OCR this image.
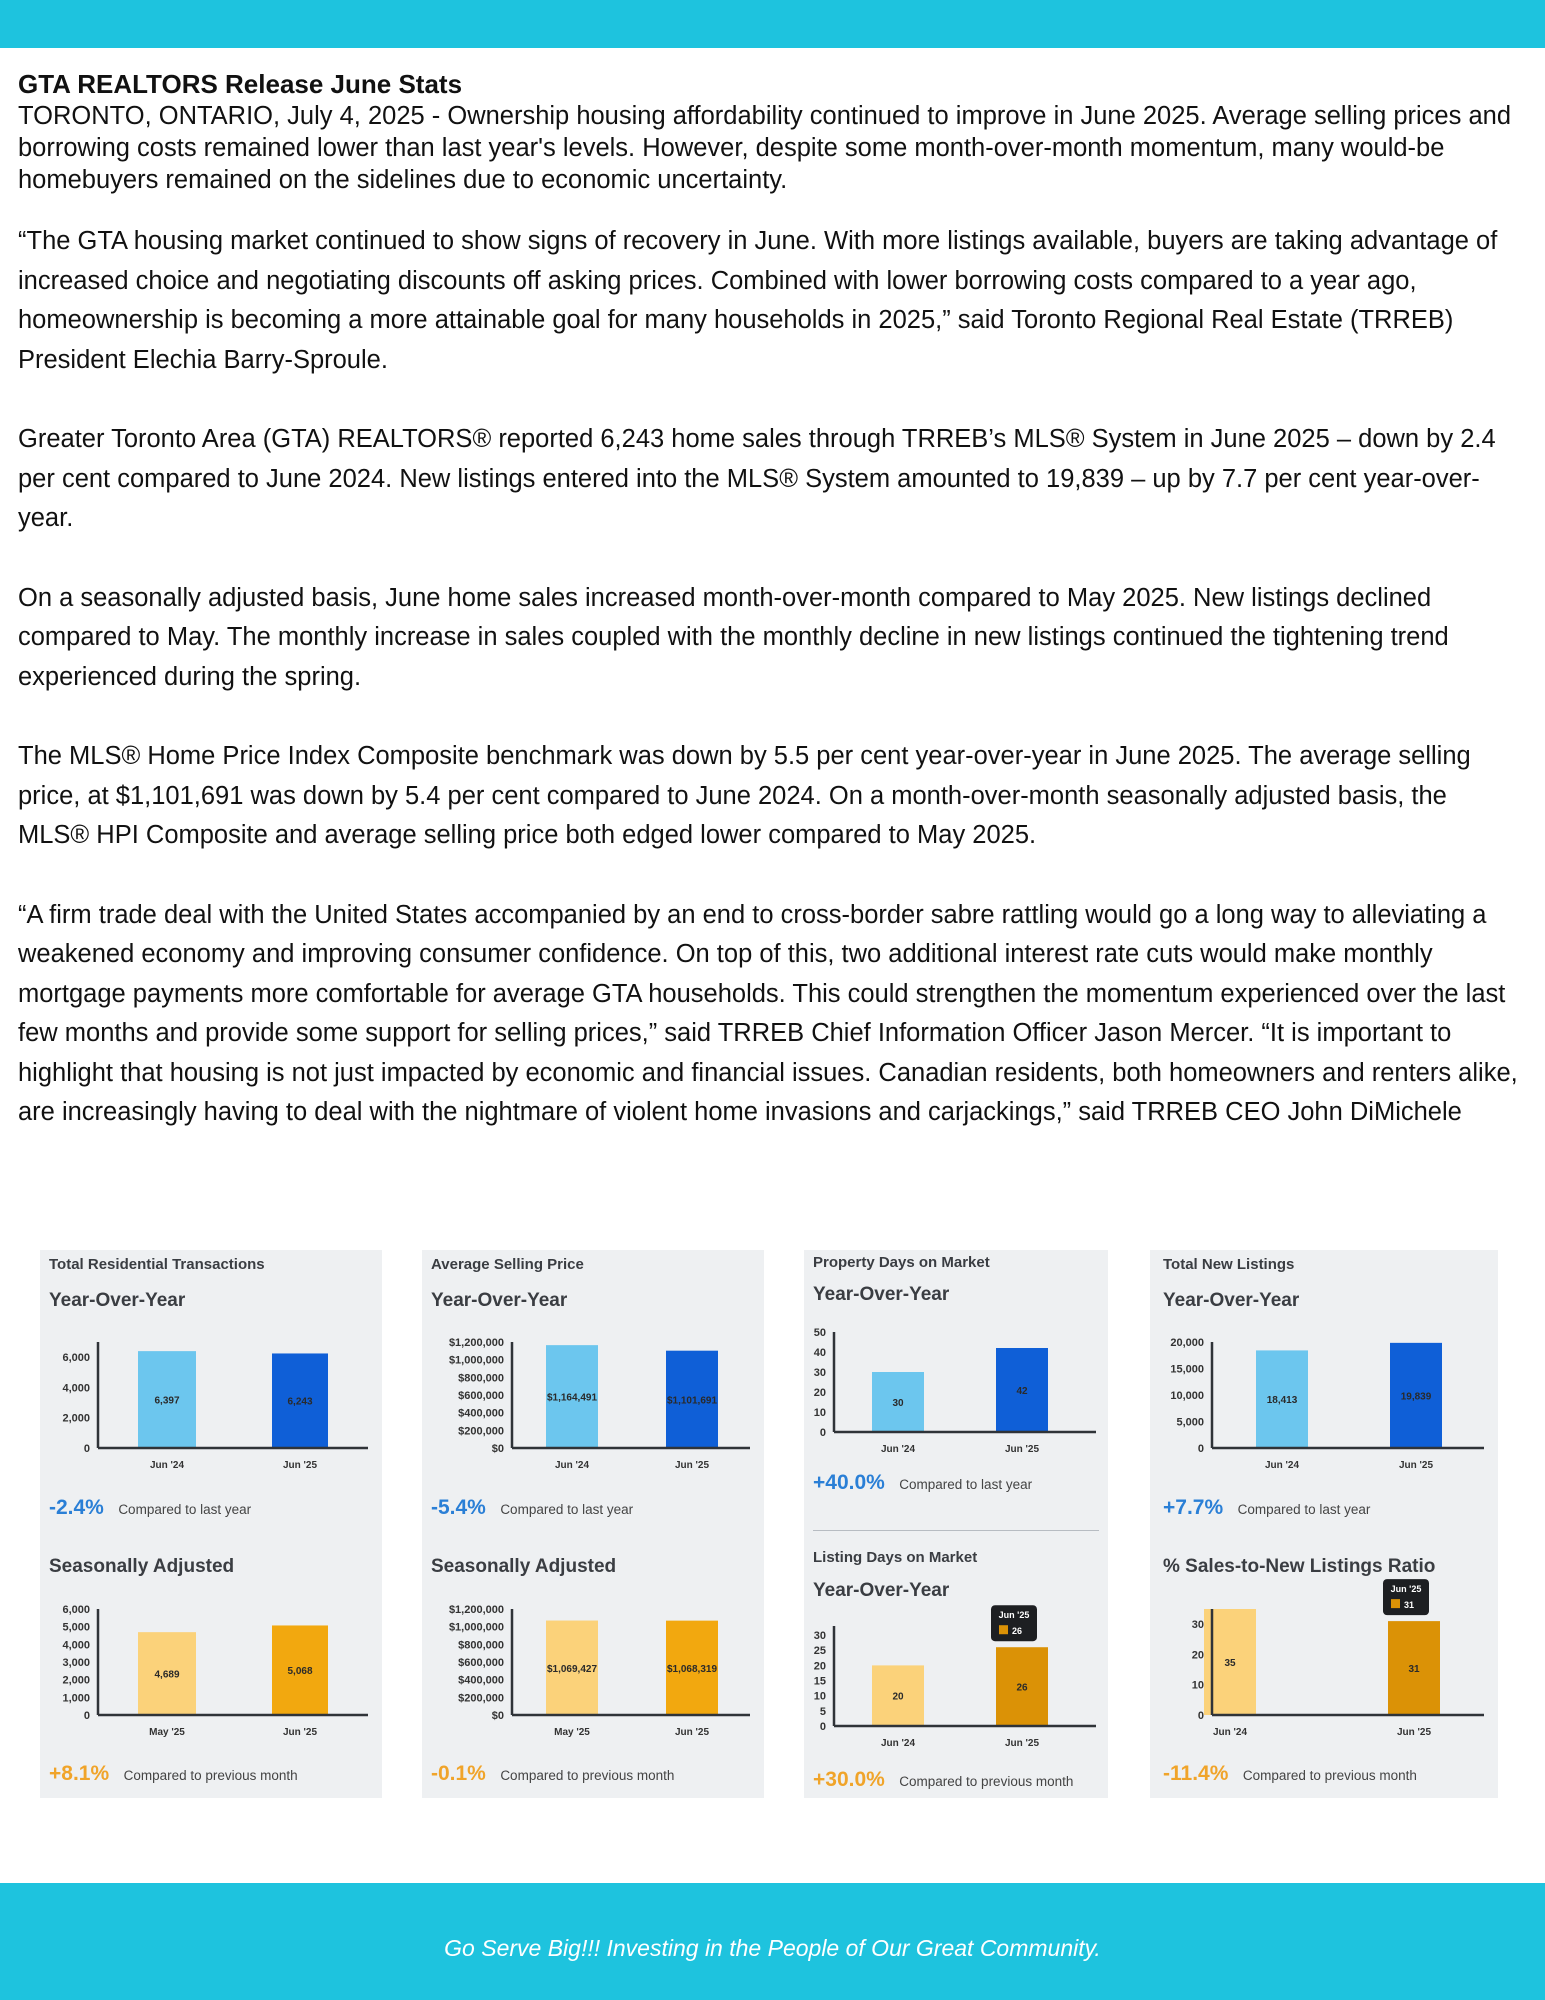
GTA REALTORS Release June Stats

TORONTO, ONTARIO, July 4, 2025 - Ownership housing affordability continued to improve in June 2025. Average selling prices and borrowing costs remained lower than last year's levels. However, despite some month-over-month momentum, many would-be homebuyers remained on the sidelines due to economic uncertainty.

“The GTA housing market continued to show signs of recovery in June. With more listings available, buyers are taking advantage of increased choice and negotiating discounts off asking prices. Combined with lower borrowing costs compared to a year ago, homeownership is becoming a more attainable goal for many households in 2025,” said Toronto Regional Real Estate (TRREB) President Elechia Barry-Sproule.

Greater Toronto Area (GTA) REALTORS® reported 6,243 home sales through TRREB’s MLS® System in June 2025 – down by 2.4 per cent compared to June 2024. New listings entered into the MLS® System amounted to 19,839 – up by 7.7 per cent year-over-year.

On a seasonally adjusted basis, June home sales increased month-over-month compared to May 2025. New listings declined compared to May. The monthly increase in sales coupled with the monthly decline in new listings continued the tightening trend experienced during the spring.

The MLS® Home Price Index Composite benchmark was down by 5.5 per cent year-over-year in June 2025. The average selling price, at $1,101,691 was down by 5.4 per cent compared to June 2024. On a month-over-month seasonally adjusted basis, the MLS® HPI Composite and average selling price both edged lower compared to May 2025.

“A firm trade deal with the United States accompanied by an end to cross-border sabre rattling would go a long way to alleviating a weakened economy and improving consumer confidence. On top of this, two additional interest rate cuts would make monthly mortgage payments more comfortable for average GTA households. This could strengthen the momentum experienced over the last few months and provide some support for selling prices,” said TRREB Chief Information Officer Jason Mercer. “It is important to highlight that housing is not just impacted by economic and financial issues. Canadian residents, both homeowners and renters alike, are increasingly having to deal with the nightmare of violent home invasions and carjackings,” said TRREB CEO John DiMichele

Total Residential Transactions
Year-Over-Year
0
2,000
4,000
6,000
6,397
Jun '24
6,243
Jun '25
-2.4% Compared to last year
Seasonally Adjusted
0
1,000
2,000
3,000
4,000
5,000
6,000
4,689
May '25
5,068
Jun '25
+8.1% Compared to previous month
Average Selling Price
Year-Over-Year
$0
$200,000
$400,000
$600,000
$800,000
$1,000,000
$1,200,000
$1,164,491
Jun '24
$1,101,691
Jun '25
-5.4% Compared to last year
Seasonally Adjusted
$0
$200,000
$400,000
$600,000
$800,000
$1,000,000
$1,200,000
$1,069,427
May '25
$1,068,319
Jun '25
-0.1% Compared to previous month
Property Days on Market
Year-Over-Year
0
10
20
30
40
50
30
Jun '24
42
Jun '25
+40.0% Compared to last year
Listing Days on Market
Year-Over-Year
0
5
10
15
20
25
30
20
Jun '24
26
Jun '25
Jun '25
26
+30.0% Compared to previous month
Total New Listings
Year-Over-Year
0
5,000
10,000
15,000
20,000
18,413
Jun '24
19,839
Jun '25
+7.7% Compared to last year
% Sales-to-New Listings Ratio
0
10
20
30
35
Jun '24
31
Jun '25
Jun '25
31
-11.4% Compared to previous month
Go Serve Big!!! Investing in the People of Our Great Community.
